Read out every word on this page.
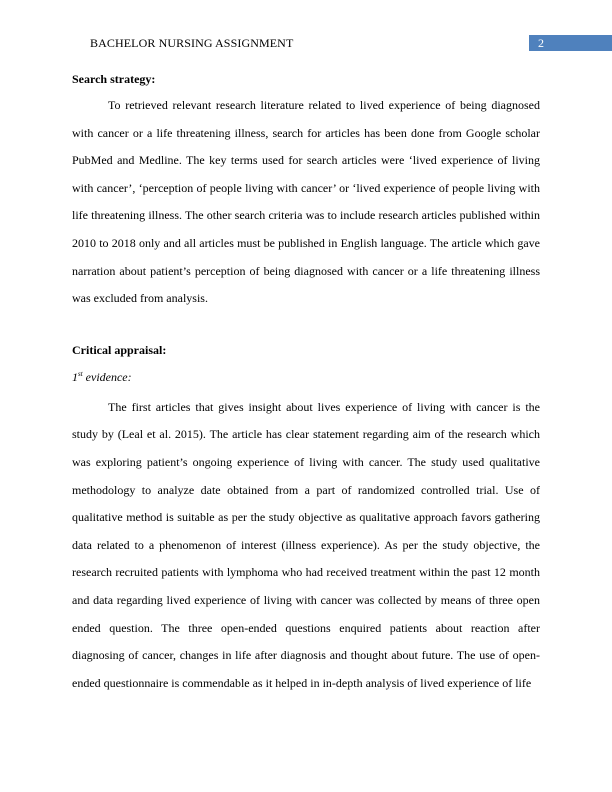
BACHELOR NURSING ASSIGNMENT	2

Search strategy:

To retrieved relevant research literature related to lived experience of being diagnosed with cancer or a life threatening illness, search for articles has been done from Google scholar PubMed and Medline. The key terms used for search articles were ‘lived experience of living with cancer’, ‘perception of people living with cancer’ or ‘lived experience of people living with life threatening illness. The other search criteria was to include research articles published within 2010 to 2018 only and all articles must be published in English language. The article which gave narration about patient’s perception of being diagnosed with cancer or a life threatening illness was excluded from analysis.

Critical appraisal:

1st evidence:

The first articles that gives insight about lives experience of living with cancer is the study by (Leal et al. 2015). The article has clear statement regarding aim of the research which was exploring patient’s ongoing experience of living with cancer. The study used qualitative methodology to analyze date obtained from a part of randomized controlled trial. Use of qualitative method is suitable as per the study objective as qualitative approach favors gathering data related to a phenomenon of interest (illness experience). As per the study objective, the research recruited patients with lymphoma who had received treatment within the past 12 month and data regarding lived experience of living with cancer was collected by means of three open ended question. The three open-ended questions enquired patients about reaction after diagnosing of cancer, changes in life after diagnosis and thought about future. The use of open-ended questionnaire is commendable as it helped in in-depth analysis of lived experience of life
